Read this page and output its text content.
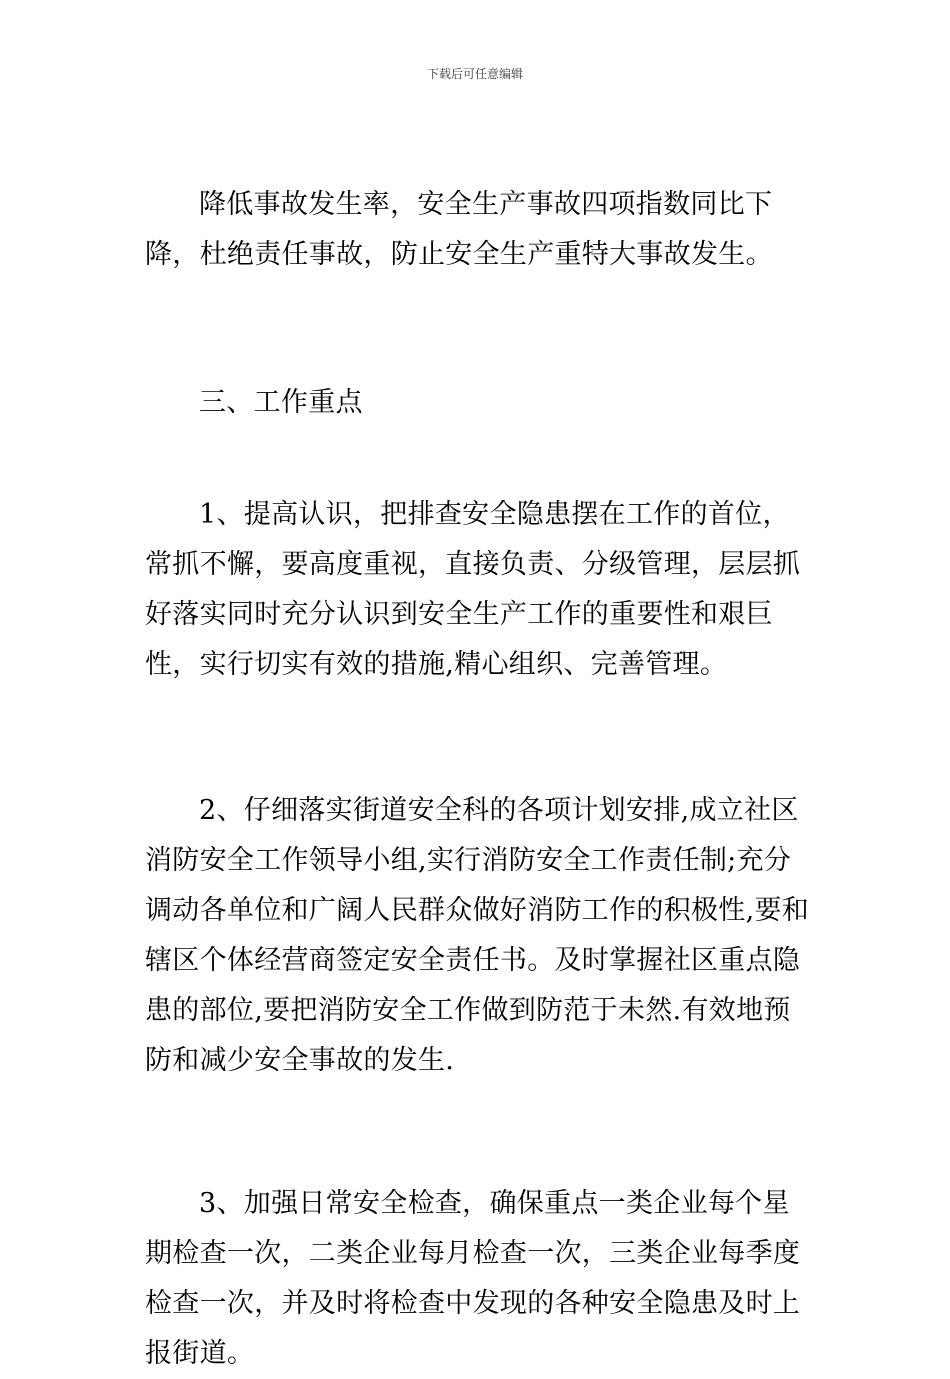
下载后可任意编辑

降低事故发生率，安全生产事故四项指数同比下降，杜绝责任事故，防止安全生产重特大事故发生。

三、工作重点

1、提高认识，把排查安全隐患摆在工作的首位，常抓不懈，要高度重视，直接负责、分级管理，层层抓好落实同时充分认识到安全生产工作的重要性和艰巨性，实行切实有效的措施,精心组织、完善管理。

2、仔细落实街道安全科的各项计划安排,成立社区消防安全工作领导小组,实行消防安全工作责任制;充分调动各单位和广阔人民群众做好消防工作的积极性,要和辖区个体经营商签定安全责任书。及时掌握社区重点隐患的部位,要把消防安全工作做到防范于未然.有效地预防和减少安全事故的发生.

3、加强日常安全检查，确保重点一类企业每个星期检查一次，二类企业每月检查一次，三类企业每季度检查一次，并及时将检查中发现的各种安全隐患及时上报街道。
